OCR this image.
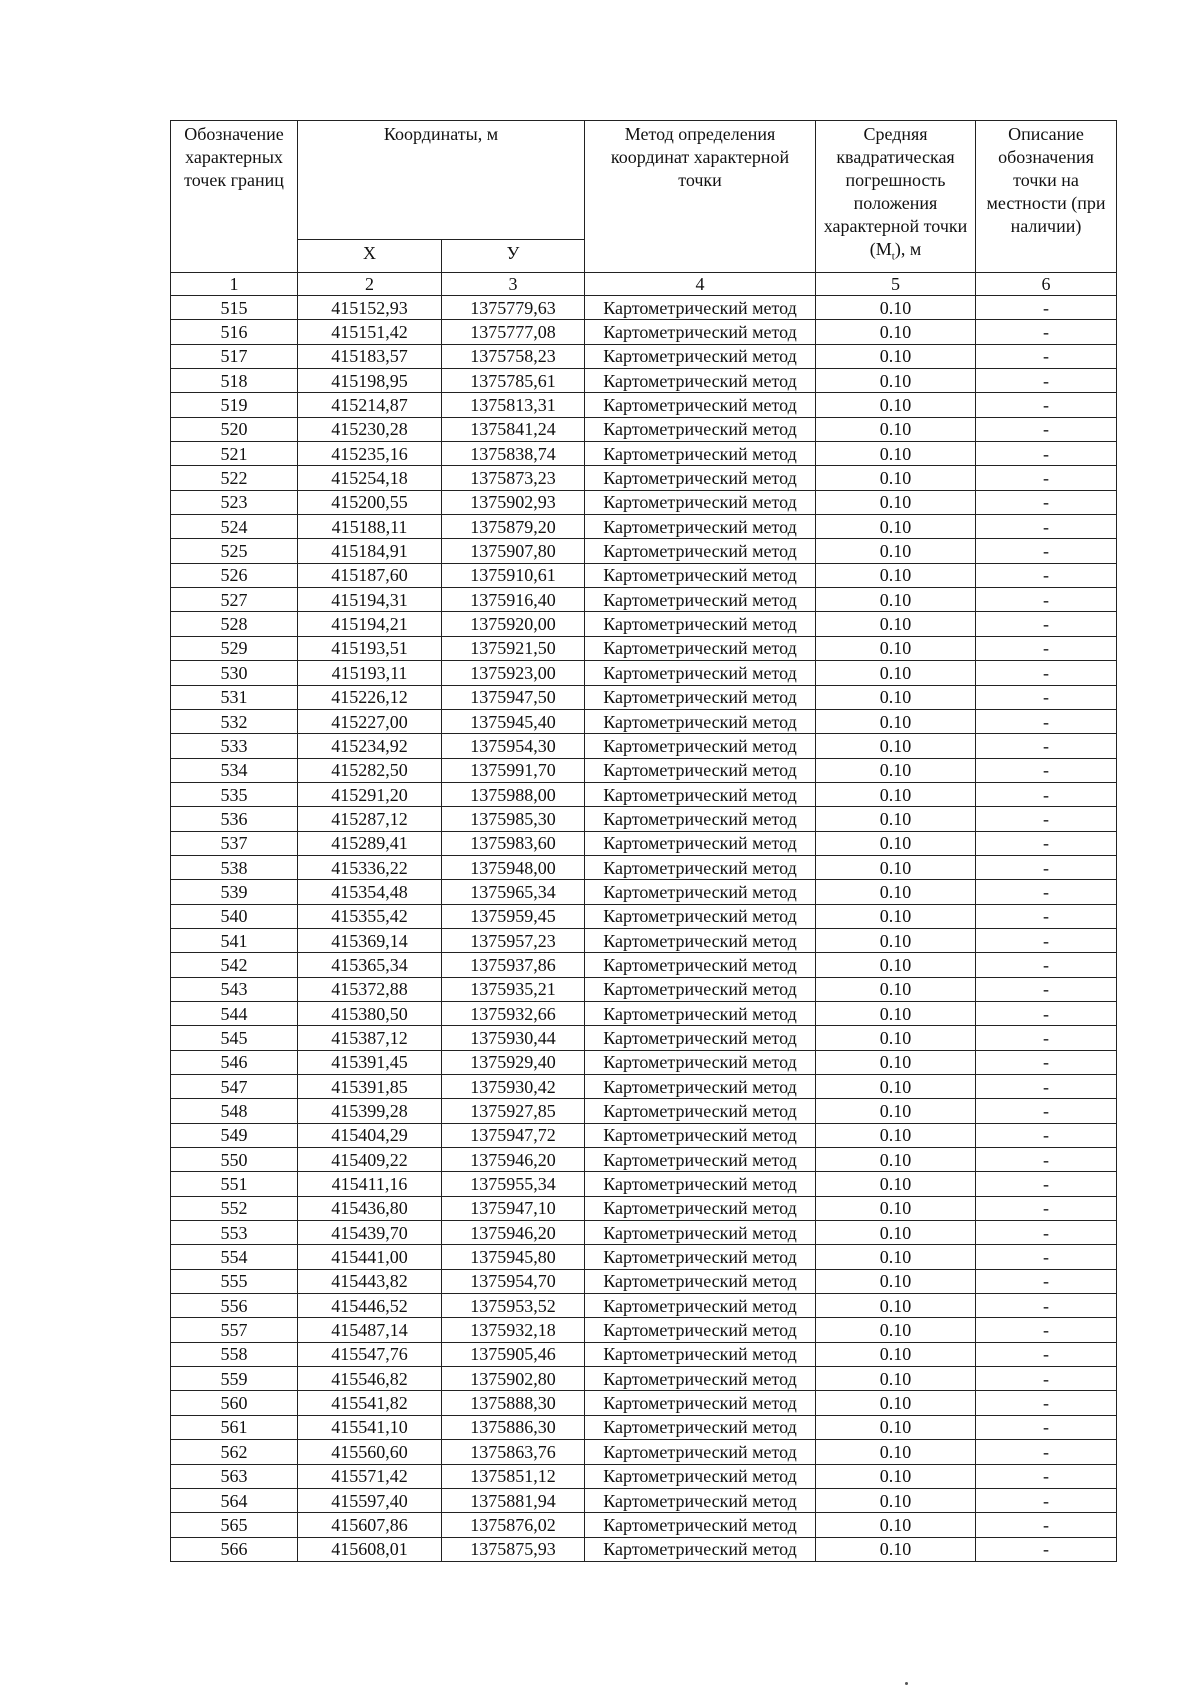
Обозначение характерных точек границ	Координаты, м		Метод определения координат характерной точки	Средняя квадратическая погрешность положения характерной точки $(М_t)$, м	Описание обозначения точки на местности (при наличии)
	X	У			
1	2	3	4	5	6
515	415152,93	1375779,63	Картометрический метод	0.10	-
516	415151,42	1375777,08	Картометрический метод	0.10	-
517	415183,57	1375758,23	Картометрический метод	0.10	-
518	415198,95	1375785,61	Картометрический метод	0.10	-
519	415214,87	1375813,31	Картометрический метод	0.10	-
520	415230,28	1375841,24	Картометрический метод	0.10	-
521	415235,16	1375838,74	Картометрический метод	0.10	-
522	415254,18	1375873,23	Картометрический метод	0.10	-
523	415200,55	1375902,93	Картометрический метод	0.10	-
524	415188,11	1375879,20	Картометрический метод	0.10	-
525	415184,91	1375907,80	Картометрический метод	0.10	-
526	415187,60	1375910,61	Картометрический метод	0.10	-
527	415194,31	1375916,40	Картометрический метод	0.10	-
528	415194,21	1375920,00	Картометрический метод	0.10	-
529	415193,51	1375921,50	Картометрический метод	0.10	-
530	415193,11	1375923,00	Картометрический метод	0.10	-
531	415226,12	1375947,50	Картометрический метод	0.10	-
532	415227,00	1375945,40	Картометрический метод	0.10	-
533	415234,92	1375954,30	Картометрический метод	0.10	-
534	415282,50	1375991,70	Картометрический метод	0.10	-
535	415291,20	1375988,00	Картометрический метод	0.10	-
536	415287,12	1375985,30	Картометрический метод	0.10	-
537	415289,41	1375983,60	Картометрический метод	0.10	-
538	415336,22	1375948,00	Картометрический метод	0.10	-
539	415354,48	1375965,34	Картометрический метод	0.10	-
540	415355,42	1375959,45	Картометрический метод	0.10	-
541	415369,14	1375957,23	Картометрический метод	0.10	-
542	415365,34	1375937,86	Картометрический метод	0.10	-
543	415372,88	1375935,21	Картометрический метод	0.10	-
544	415380,50	1375932,66	Картометрический метод	0.10	-
545	415387,12	1375930,44	Картометрический метод	0.10	-
546	415391,45	1375929,40	Картометрический метод	0.10	-
547	415391,85	1375930,42	Картометрический метод	0.10	-
548	415399,28	1375927,85	Картометрический метод	0.10	-
549	415404,29	1375947,72	Картометрический метод	0.10	-
550	415409,22	1375946,20	Картометрический метод	0.10	-
551	415411,16	1375955,34	Картометрический метод	0.10	-
552	415436,80	1375947,10	Картометрический метод	0.10	-
553	415439,70	1375946,20	Картометрический метод	0.10	-
554	415441,00	1375945,80	Картометрический метод	0.10	-
555	415443,82	1375954,70	Картометрический метод	0.10	-
556	415446,52	1375953,52	Картометрический метод	0.10	-
557	415487,14	1375932,18	Картометрический метод	0.10	-
558	415547,76	1375905,46	Картометрический метод	0.10	-
559	415546,82	1375902,80	Картометрический метод	0.10	-
560	415541,82	1375888,30	Картометрический метод	0.10	-
561	415541,10	1375886,30	Картометрический метод	0.10	-
562	415560,60	1375863,76	Картометрический метод	0.10	-
563	415571,42	1375851,12	Картометрический метод	0.10	-
564	415597,40	1375881,94	Картометрический метод	0.10	-
565	415607,86	1375876,02	Картометрический метод	0.10	-
566	415608,01	1375875,93	Картометрический метод	0.10	-
